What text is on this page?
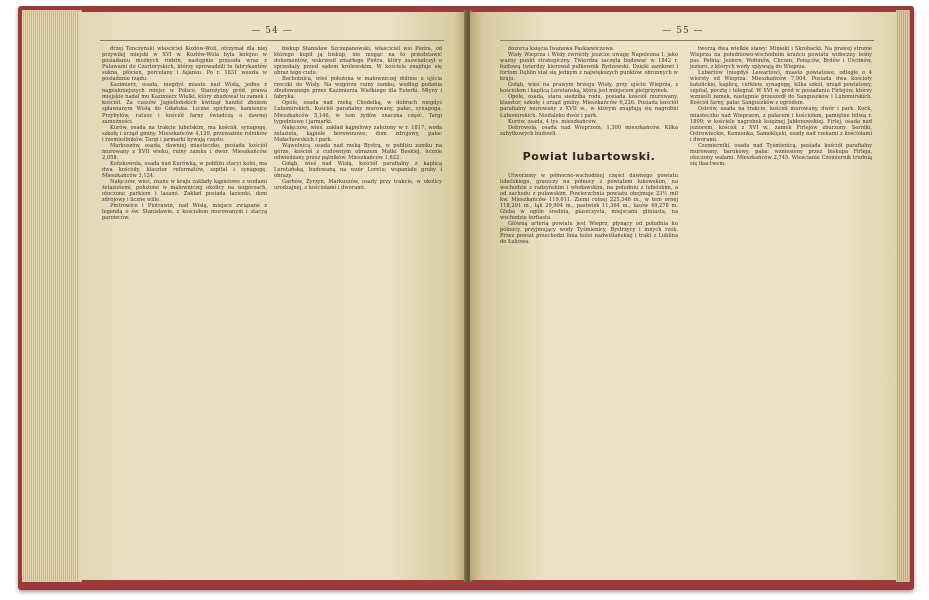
— 54 —

drzej Tenczyński właściciel Kozlów-Woli, otrzymał dla niej przywilej miejski w XVI w. Kozłów-Wola była kolejno w posiadaniu możnych rodzin, następnie przeszła wraz z Puławami do Czartoryskich, którzy sprowadzili tu fabrykantów sukna, płócien, porcelany i fajansu. Po r. 1831 weszła w posiadanie rządu.

Kazimierz, osada, niegdyś miasto nad Wisłą, jedno z najpiękniejszych miejsc w Polsce. Starożytny gród, prawa miejskie nadał mu Kazimierz Wielki, który zbudował tu zamek i kościół. Za czasów Jagiellońskich kwitnął handel zbożem spławianym Wisłą do Gdańska. Liczne spichrze, kamienice Przybyłów, ratusz i kościół farny świadczą o dawnej zamożności.

Kurów, osada na trakcie lubelskim, ma kościół, synagogę, szkołę i urząd gminy. Mieszkańców 4,120, przeważnie rolników i rzemieślników. Targi i jarmarki bywają często.

Markuszów, osada, dawniej miasteczko, posiada kościół murowany z XVII wieku, ruiny zamku i dwór. Mieszkańców 2,058.

Końskowola, osada nad Kurówką, w pobliżu stacyi kolei, ma dwa kościoły, klasztor reformatów, szpital i synagogę. Mieszkańców 3,124.

Nałęczów, wieś, znane w kraju zakłady kąpielowe z wodami żelazistemi, położone w malowniczej okolicy na wzgórzach, otoczone parkiem i lasami. Zakład posiada łazienki, dom zdrojowy i liczne wille.

Pintrowice i Piotrawin, nad Wisłą, miejsce związane z legendą o św. Stanisławie, z kościołem murowanym i stacyą parowców.

biskup Stanisław Szczepanowski, właściciel wsi Piotra, od którego kupił ją biskup, nie mogąc na to przedstawić dokumentów, wskrzesił zmarłego Piotra, który zaświadczył o sprzedaży przed sądem królewskim. W kościele znajduje się obraz tego cudu.

Bochotnica, wieś położona w malowniczej dolinie u ujścia rzeczki do Wisły. Na wzgórzu ruiny zamku, według podania zbudowanego przez Kazimierza Wielkiego dla Esterki. Młyny i fabryka.

Opole, osada nad rzeką Chodelką, w dobrach niegdyś Lubomirskich. Kościół parafialny murowany, pałac, synagoga. Mieszkańców 5,146, w tem żydów znaczna część. Targi tygodniowe i jarmarki.

Nałęczów, wieś, zakład kąpielowy założony w r. 1817, woda żelazista, kąpiele borowinowe; dom zdrojowy, pałac Małachowskich i park.

Wąwolnica, osada nad rzeką Bystrą, w pobliżu zamku na górze, kościół z cudownym obrazem Matki Boskiej, licznie odwiedzany przez pątników. Mieszkańców 1,822.

Gołąb, wieś nad Wisłą, kościół parafialny z kaplicą Loretańską, budowaną na wzór Loretu; wspaniałe groby i obrazy.

Garbów, Żyrzyn, Markuszów, osady przy trakcie, w okolicy urodzajnej, z kościołami i dworami.

— 55 —

dozorca księcia Iwanowa Paskiewiczowa.

Wisły Wieprza i Wisły zwróciły jeszcze uwagę Napoleona I, jako ważny punkt strategiczny. Twierdza zaczęta budować w 1842 r. budową twierdzy kierował pułkownik Rydzewski. Dzięki zamkowi i fortom Dęblin stał się jednym z największych punktów obronnych w kraju.

Gołąb, wieś na prawym brzegu Wisły, przy ujściu Wieprza, z kościołem i kaplicą Loretańską, która jest miejscem pielgrzymek.

Opole, osada, stara siedziba rodu, posiada kościół murowany, klasztor, szkołę i urząd gminy. Mieszkańców 6,226. Posiada kościół parafialny murowany z XVII w., w którym znajdują się nagrobki Lubomirskich. Niedaleko dwór i park.

Kurów, osada, 4 tys. mieszkańców.

Dobrowola, osada nad Wieprzem, 1,300 mieszkańców. Kilka zabytkowych budowli.

Powiat lubartowski.

Utworzony w północno-wschodniej części dawnego powiatu lubelskiego, graniczy na północy z powiatem łukowskim, na wschodzie z radzyńskim i włodawskim, na południu z lubelskim, a od zachodu z puławskim. Powierzchnia powiatu obejmuje 23½ mil kw. Mieszkańców 119,011. Ziemi rolnej 225,346 m., w tem ornej 118,291 m., łąk 29,904 m., pastwisk 11,364 m., lasów 49,278 m. Gleba w ogóle średnia, piaszczysta, miejscami gliniasta, na wschodzie torfiasta.

Główną arterią powiatu jest Wieprz, płynący od południa ku północy, przyjmujący wody Tyśmienicy, Bystrzycy i innych rzek. Przez powiat przechodzi linia kolei nadwiślańskiej i trakt z Lublina do Łukowa.

tworzą dwa wielkie stawy: Minieki i Skrobacki. Na prawej stronie Wieprza na południowo-wschodnim krańcu powiatu widoczny leśny pas. Pełnią: Jezioro, Wohinów, Chrzan, Ponęców, Brdów i Uścimów, jezioro, z których wody spływają do Wieprza.

Lubartów (niegdyś Lewartów), miasto powiatowe, odległe o 4 wiorsty od Wieprza. Mieszkańców 7,904. Posiada dwa kościoły katolickie, kaplicę, cerkiew, synagogę, kilka szkół, urząd powiatowy, szpital, pocztę i telegraf. W XVI w. gród w posiadaniu Firlejów, którzy wznieśli zamek, następnie przeszedł do Sanguszków i Lubomirskich. Kościół farny, pałac Sanguszków z ogrodem.

Ostrów, osada na trakcie, kościół murowany, dwór i park. Kock, miasteczko nad Wieprzem, z pałacem i kościołem, pamiętne bitwą r. 1809; w kościele nagrobek księżnej Jabłonowskiej. Firlej, osada nad jeziorem, kościół z XVI w., zamek Firlejów zburzony. Serniki, Ostrowieckie, Kamionka, Samoklęski, osady nad rzekami z kościołami i dworami.

Czemierniki, osada nad Tyśmienicą, posiada kościół parafialny murowany, barokowy, pałac wzniesiony przez biskupa Firleja, otoczony wałami. Mieszkańców 2,745. Włościanie Czemiernik trudnią się tkactwem.
